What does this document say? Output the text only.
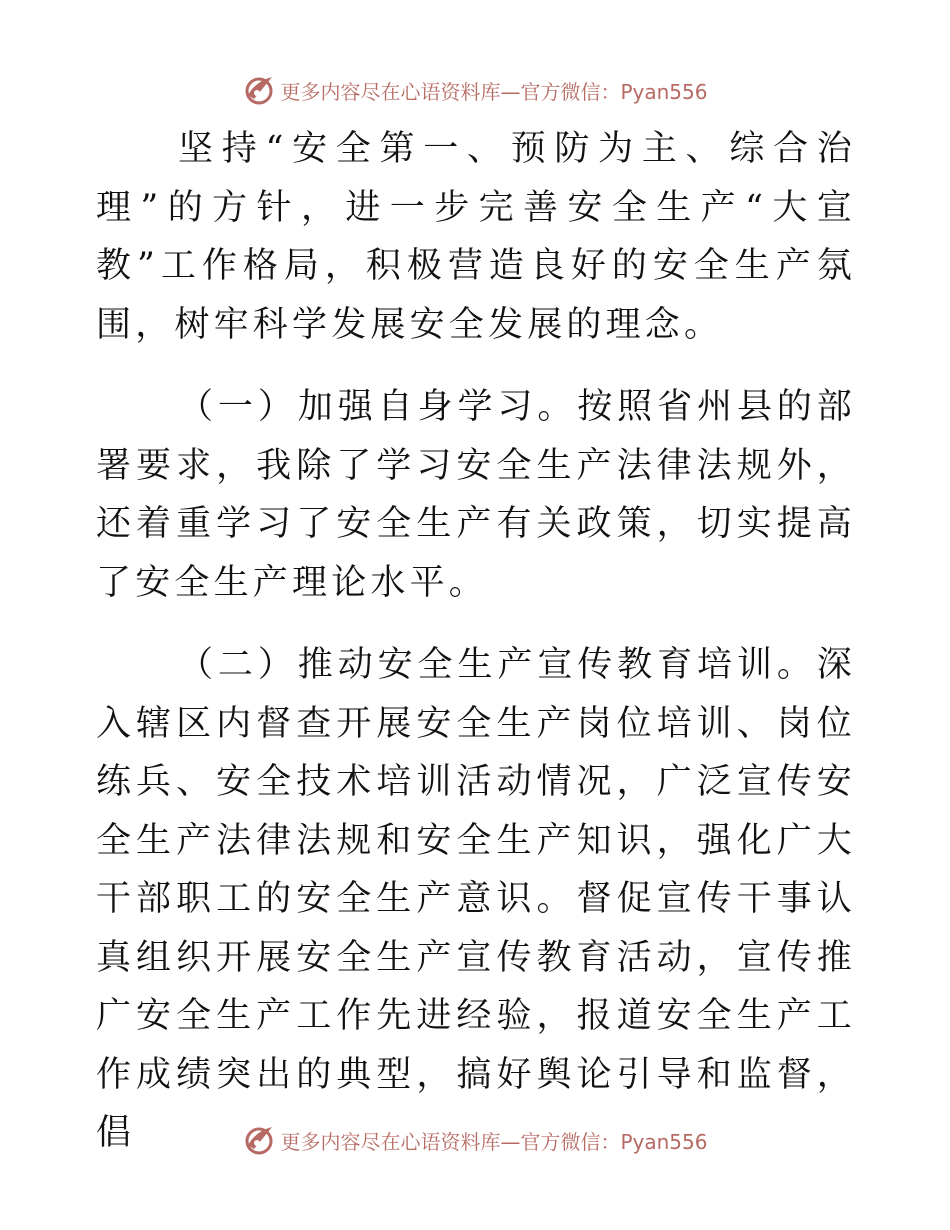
更多内容尽在心语资料库—官方微信：Pyan556

坚持“安全第一、预防为主、综合治理”的方针，进一步完善安全生产“大宣教”工作格局，积极营造良好的安全生产氛围，树牢科学发展安全发展的理念。

（一）加强自身学习。按照省州县的部署要求，我除了学习安全生产法律法规外，还着重学习了安全生产有关政策，切实提高了安全生产理论水平。

（二）推动安全生产宣传教育培训。深入辖区内督查开展安全生产岗位培训、岗位练兵、安全技术培训活动情况，广泛宣传安全生产法律法规和安全生产知识，强化广大干部职工的安全生产意识。督促宣传干事认真组织开展安全生产宣传教育活动，宣传推广安全生产工作先进经验，报道安全生产工作成绩突出的典型，搞好舆论引导和监督，倡	更多内容尽在心语资料库—官方微信：Pyan556
